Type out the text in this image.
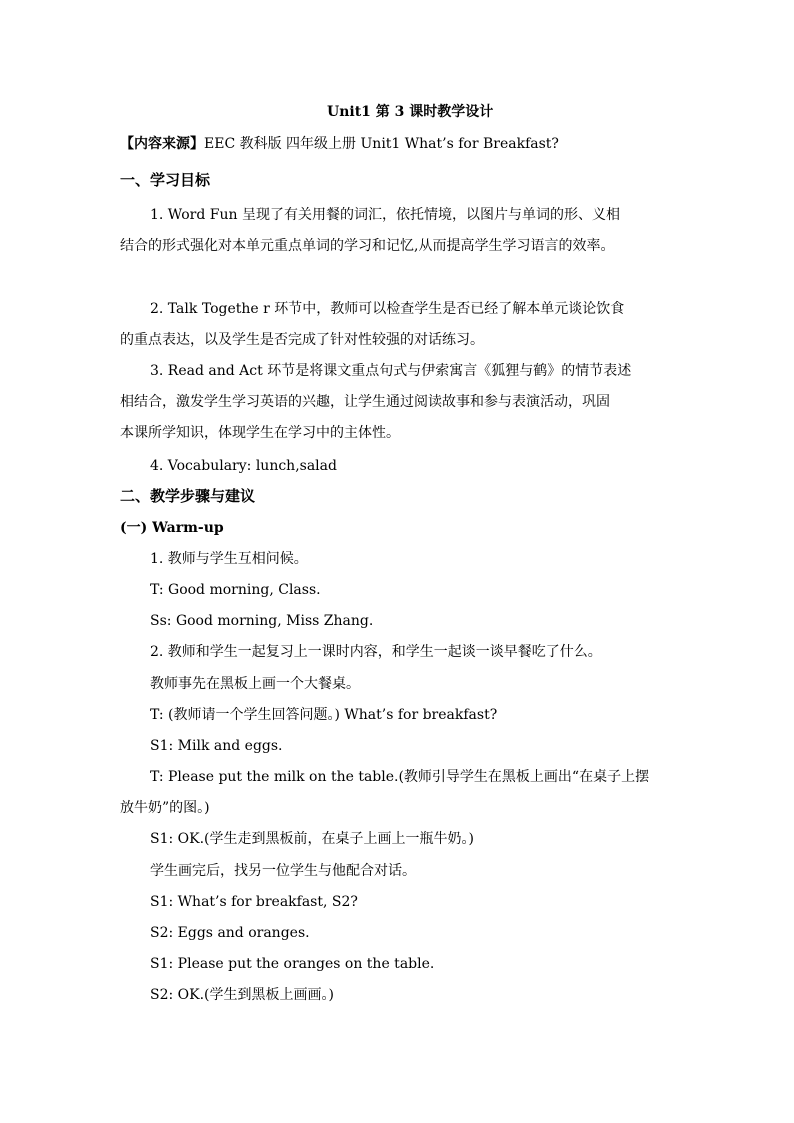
Unit1 第 3 课时教学设计
【内容来源】EEC 教科版 四年级上册 Unit1 What’s for Breakfast?
一、学习目标
1. Word Fun 呈现了有关用餐的词汇，依托情境，以图片与单词的形、义相
结合的形式强化对本单元重点单词的学习和记忆,从而提高学生学习语言的效率。
2. Talk Togethe r 环节中，教师可以检查学生是否已经了解本单元谈论饮食
的重点表达，以及学生是否完成了针对性较强的对话练习。
3. Read and Act 环节是将课文重点句式与伊索寓言《狐狸与鹤》的情节表述
相结合，激发学生学习英语的兴趣，让学生通过阅读故事和参与表演活动，巩固
本课所学知识，体现学生在学习中的主体性。
4. Vocabulary: lunch,salad
二、教学步骤与建议
(一) Warm-up
1. 教师与学生互相问候。
T: Good morning, Class.
Ss: Good morning, Miss Zhang.
2. 教师和学生一起复习上一课时内容，和学生一起谈一谈早餐吃了什么。
教师事先在黑板上画一个大餐桌。
T: (教师请一个学生回答问题。) What’s for breakfast?
S1: Milk and eggs.
T: Please put the milk on the table.(教师引导学生在黑板上画出“在桌子上摆
放牛奶”的图。)
S1: OK.(学生走到黑板前，在桌子上画上一瓶牛奶。)
学生画完后，找另一位学生与他配合对话。
S1: What’s for breakfast, S2?
S2: Eggs and oranges.
S1: Please put the oranges on the table.
S2: OK.(学生到黑板上画画。)
